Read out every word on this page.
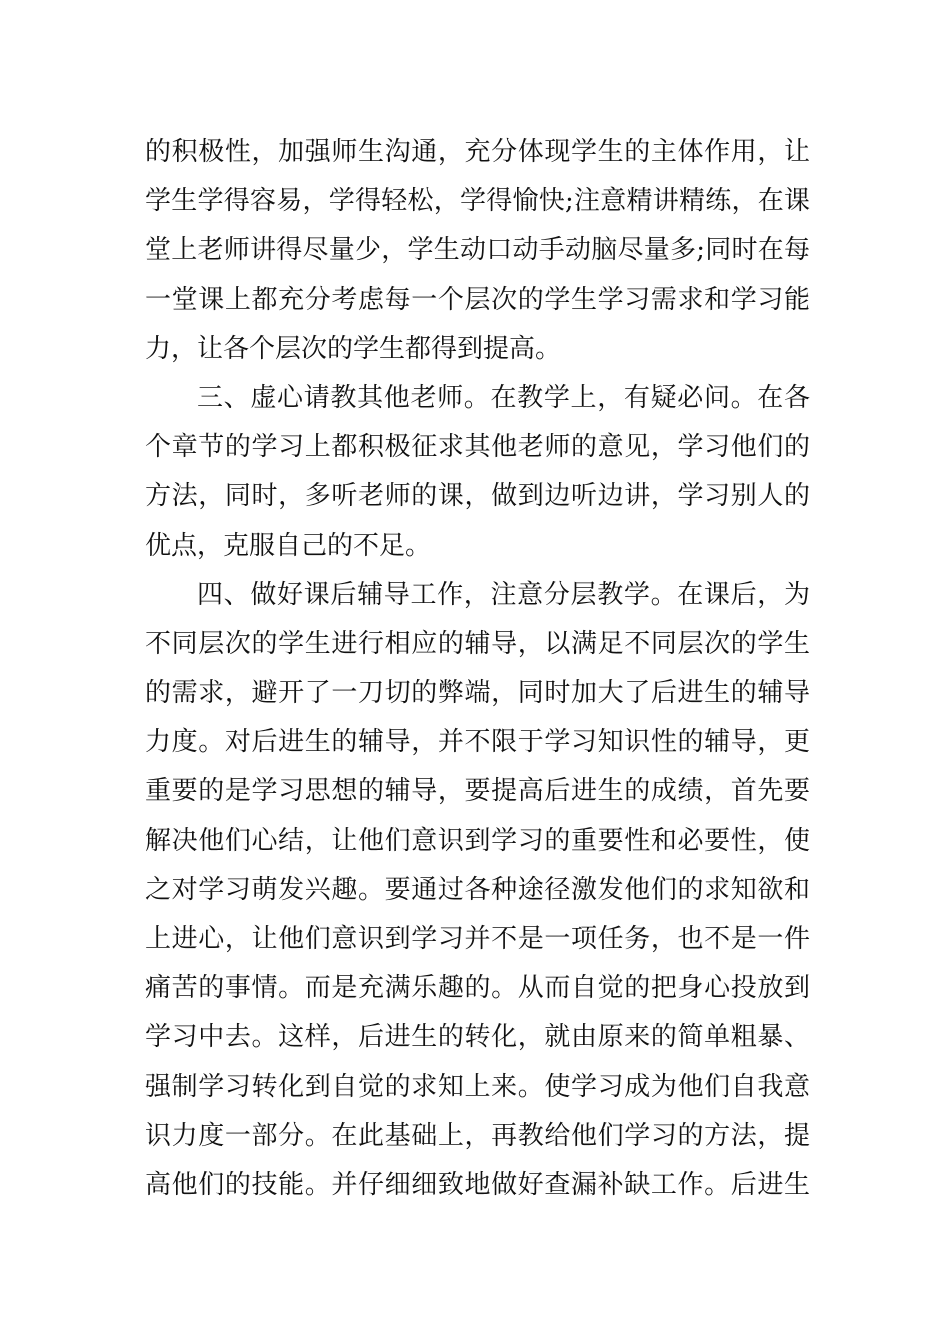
的积极性，加强师生沟通，充分体现学生的主体作用，让
学生学得容易，学得轻松，学得愉快;注意精讲精练，在课
堂上老师讲得尽量少，学生动口动手动脑尽量多;同时在每
一堂课上都充分考虑每一个层次的学生学习需求和学习能
力，让各个层次的学生都得到提高。
三、虚心请教其他老师。在教学上，有疑必问。在各
个章节的学习上都积极征求其他老师的意见，学习他们的
方法，同时，多听老师的课，做到边听边讲，学习别人的
优点，克服自己的不足。
四、做好课后辅导工作，注意分层教学。在课后，为
不同层次的学生进行相应的辅导，以满足不同层次的学生
的需求，避开了一刀切的弊端，同时加大了后进生的辅导
力度。对后进生的辅导，并不限于学习知识性的辅导，更
重要的是学习思想的辅导，要提高后进生的成绩，首先要
解决他们心结，让他们意识到学习的重要性和必要性，使
之对学习萌发兴趣。要通过各种途径激发他们的求知欲和
上进心，让他们意识到学习并不是一项任务，也不是一件
痛苦的事情。而是充满乐趣的。从而自觉的把身心投放到
学习中去。这样，后进生的转化，就由原来的简单粗暴、
强制学习转化到自觉的求知上来。使学习成为他们自我意
识力度一部分。在此基础上，再教给他们学习的方法，提
高他们的技能。并仔细细致地做好查漏补缺工作。后进生
